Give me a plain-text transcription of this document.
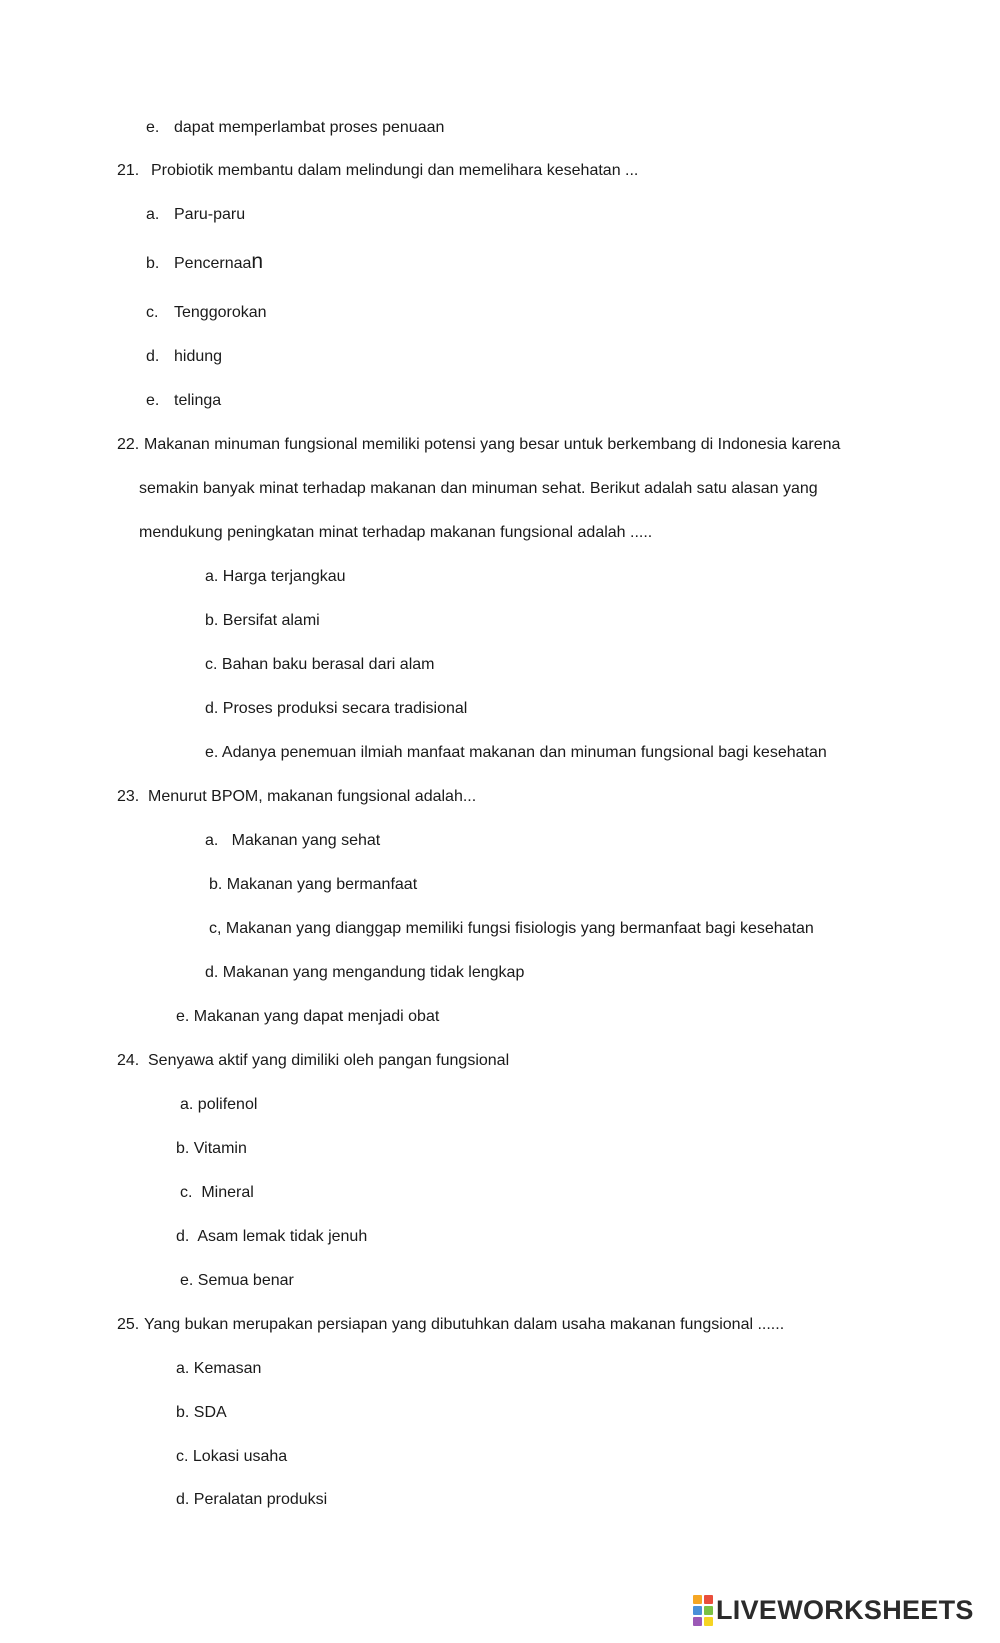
e. dapat memperlambat proses penuaan
21. Probiotik membantu dalam melindungi dan memelihara kesehatan ...
a. Paru-paru
b. Pencernaan
c. Tenggorokan
d. hidung
e. telinga
22. Makanan minuman fungsional memiliki potensi yang besar untuk berkembang di Indonesia karena
semakin banyak minat terhadap makanan dan minuman sehat. Berikut adalah satu alasan yang
mendukung peningkatan minat terhadap makanan fungsional adalah .....
a. Harga terjangkau
b. Bersifat alami
c. Bahan baku berasal dari alam
d. Proses produksi secara tradisional
e. Adanya penemuan ilmiah manfaat makanan dan minuman fungsional bagi kesehatan
23. Menurut BPOM, makanan fungsional adalah...
a.   Makanan yang sehat
b. Makanan yang bermanfaat
c, Makanan yang dianggap memiliki fungsi fisiologis yang bermanfaat bagi kesehatan
d. Makanan yang mengandung tidak lengkap
e. Makanan yang dapat menjadi obat
24. Senyawa aktif yang dimiliki oleh pangan fungsional
a. polifenol
b. Vitamin
c.  Mineral
d.  Asam lemak tidak jenuh
e. Semua benar
25. Yang bukan merupakan persiapan yang dibutuhkan dalam usaha makanan fungsional ......
a. Kemasan
b. SDA
c. Lokasi usaha
d. Peralatan produksi
LIVEWORKSHEETS
